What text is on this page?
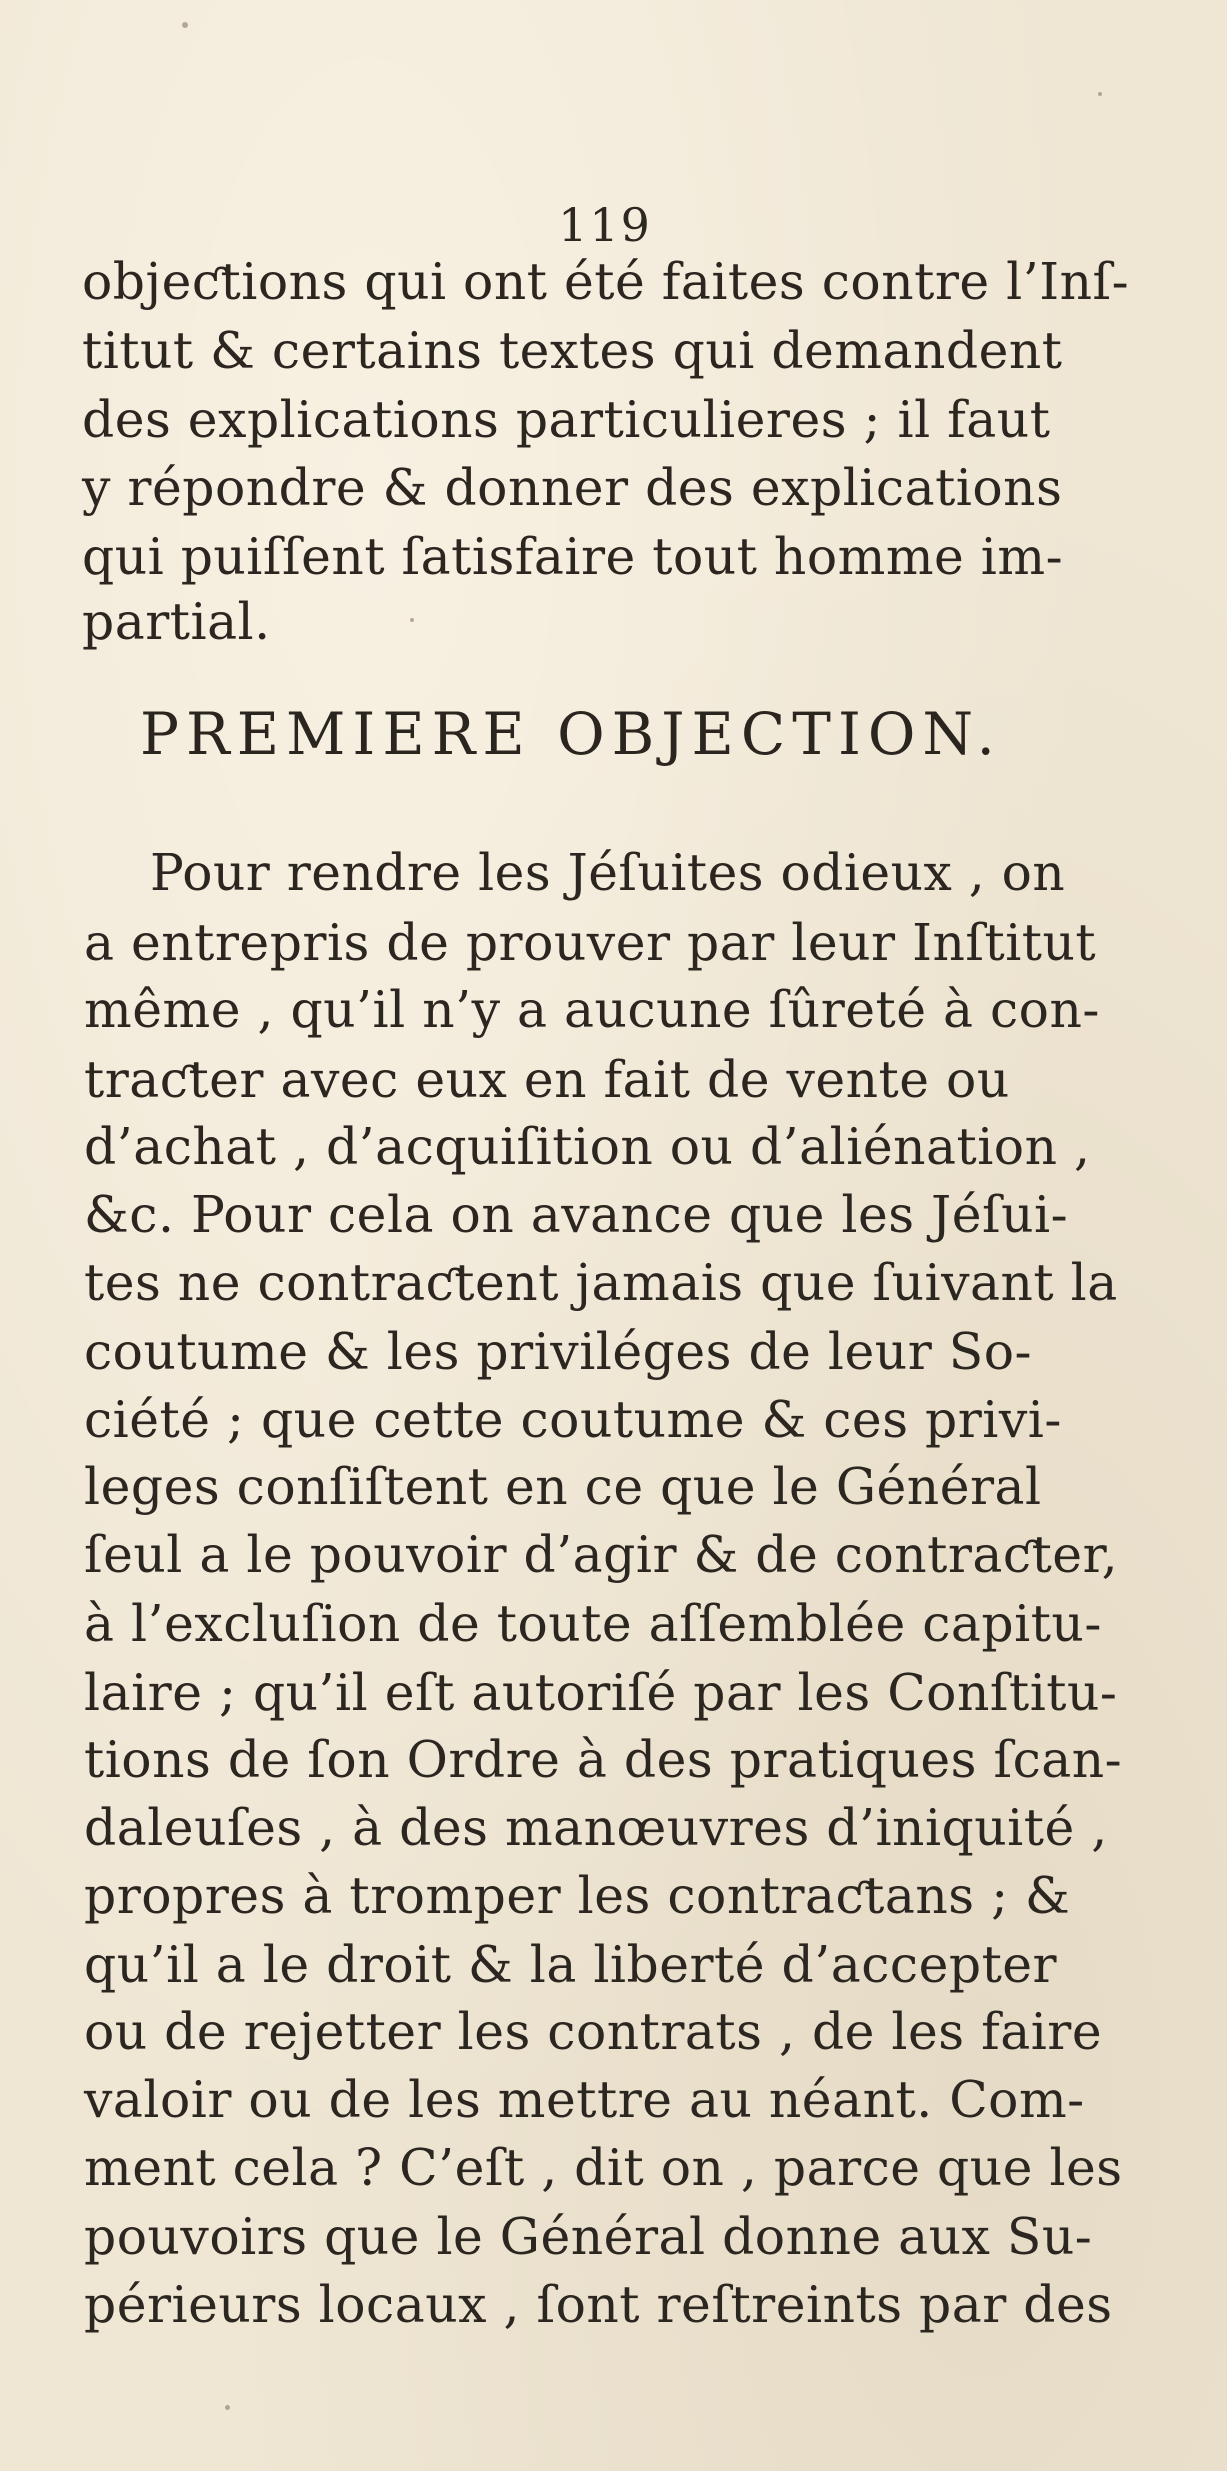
119
objeƈtions qui ont été faites contre l’Inſ-
titut & certains textes qui demandent
des explications particulieres ; il faut
y répondre & donner des explications
qui puiſſent ſatisfaire tout homme im-
partial.
PREMIERE OBJECTION.
Pour rendre les Jéſuites odieux , on
a entrepris de prouver par leur Inſtitut
même , qu’il n’y a aucune ſûreté à con-
traƈter avec eux en fait de vente ou
d’achat , d’acquiſition ou d’aliénation ,
&c. Pour cela on avance que les Jéſui-
tes ne contraƈtent jamais que ſuivant la
coutume & les priviléges de leur So-
ciété ; que cette coutume & ces privi-
leges conſiſtent en ce que le Général
ſeul a le pouvoir d’agir & de contraƈter,
à l’excluſion de toute aſſemblée capitu-
laire ; qu’il eſt autoriſé par les Conſtitu-
tions de ſon Ordre à des pratiques ſcan-
daleuſes , à des manœuvres d’iniquité ,
propres à tromper les contraƈtans ; &
qu’il a le droit & la liberté d’accepter
ou de rejetter les contrats , de les faire
valoir ou de les mettre au néant. Com-
ment cela ? C’eſt , dit on , parce que les
pouvoirs que le Général donne aux Su-
périeurs locaux , ſont reſtreints par des
